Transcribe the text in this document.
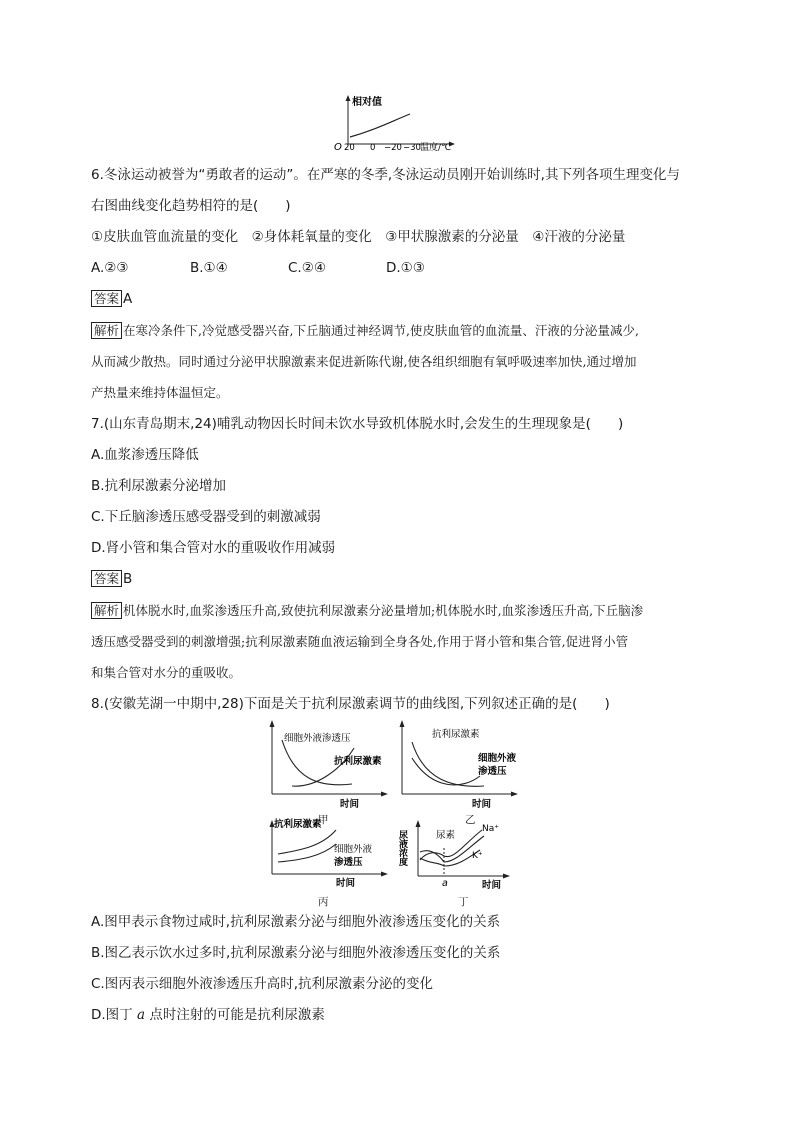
相对值
O 20 0 −20 −30 温度/℃
6.冬泳运动被誉为“勇敢者的运动”。在严寒的冬季,冬泳运动员刚开始训练时,其下列各项生理变化与
右图曲线变化趋势相符的是(　　)
①皮肤血管血流量的变化　②身体耗氧量的变化　③甲状腺激素的分泌量　④汗液的分泌量
A.②③	B.①④	C.②④	D.①③
答案 A
解析 在寒冷条件下,冷觉感受器兴奋,下丘脑通过神经调节,使皮肤血管的血流量、汗液的分泌量减少,
从而减少散热。同时通过分泌甲状腺激素来促进新陈代谢,使各组织细胞有氧呼吸速率加快,通过增加
产热量来维持体温恒定。
7.(山东青岛期末,24)哺乳动物因长时间未饮水导致机体脱水时,会发生的生理现象是(　　)
A.血浆渗透压降低
B.抗利尿激素分泌增加
C.下丘脑渗透压感受器受到的刺激减弱
D.肾小管和集合管对水的重吸收作用减弱
答案 B
解析 机体脱水时,血浆渗透压升高,致使抗利尿激素分泌量增加;机体脱水时,血浆渗透压升高,下丘脑渗
透压感受器受到的刺激增强;抗利尿激素随血液运输到全身各处,作用于肾小管和集合管,促进肾小管
和集合管对水分的重吸收。
8.(安徽芜湖一中期中,28)下面是关于抗利尿激素调节的曲线图,下列叙述正确的是(　　)
细胞外液渗透压
抗利尿激素
时间
甲
抗利尿激素
细胞外液
渗透压
时间
乙
抗利尿激素
细胞外液
渗透压
时间
丙
尿液浓度	尿素
Na⁺
K⁺
a	时间
丁
A.图甲表示食物过咸时,抗利尿激素分泌与细胞外液渗透压变化的关系
B.图乙表示饮水过多时,抗利尿激素分泌与细胞外液渗透压变化的关系
C.图丙表示细胞外液渗透压升高时,抗利尿激素分泌的变化
D.图丁 a 点时注射的可能是抗利尿激素
